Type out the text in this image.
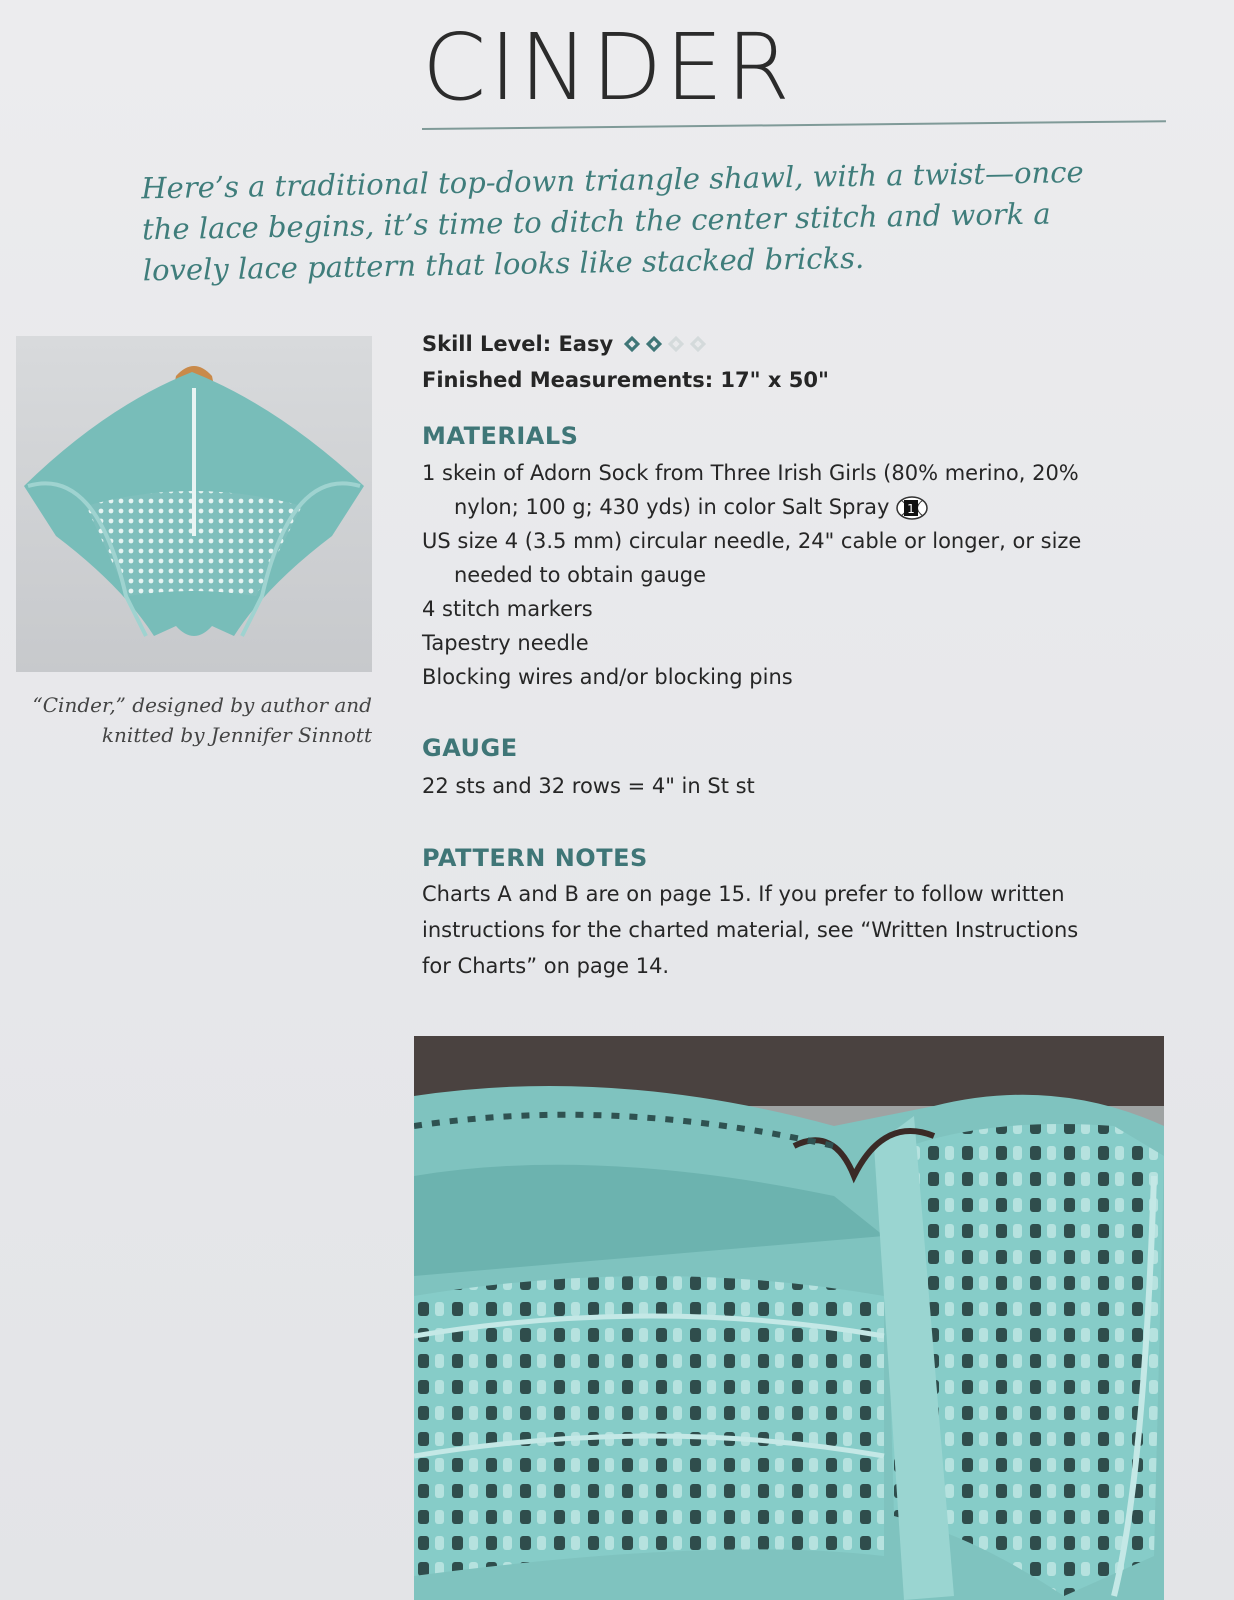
CINDER

Here’s a traditional top-down triangle shawl, with a twist—once the lace begins, it’s time to ditch the center stitch and work a lovely lace pattern that looks like stacked bricks.

“Cinder,” designed by author and
knitted by Jennifer Sinnott

Skill Level: Easy

Finished Measurements: 17" x 50"

MATERIALS
1 skein of Adorn Sock from Three Irish Girls (80% merino, 20% nylon; 100 g; 430 yds) in color Salt Spray 1
US size 4 (3.5 mm) circular needle, 24" cable or longer, or size needed to obtain gauge
4 stitch markers
Tapestry needle
Blocking wires and/or blocking pins
GAUGE

22 sts and 32 rows = 4" in St st

PATTERN NOTES

Charts A and B are on page 15. If you prefer to follow written instructions for the charted material, see “Written Instructions for Charts” on page 14.
